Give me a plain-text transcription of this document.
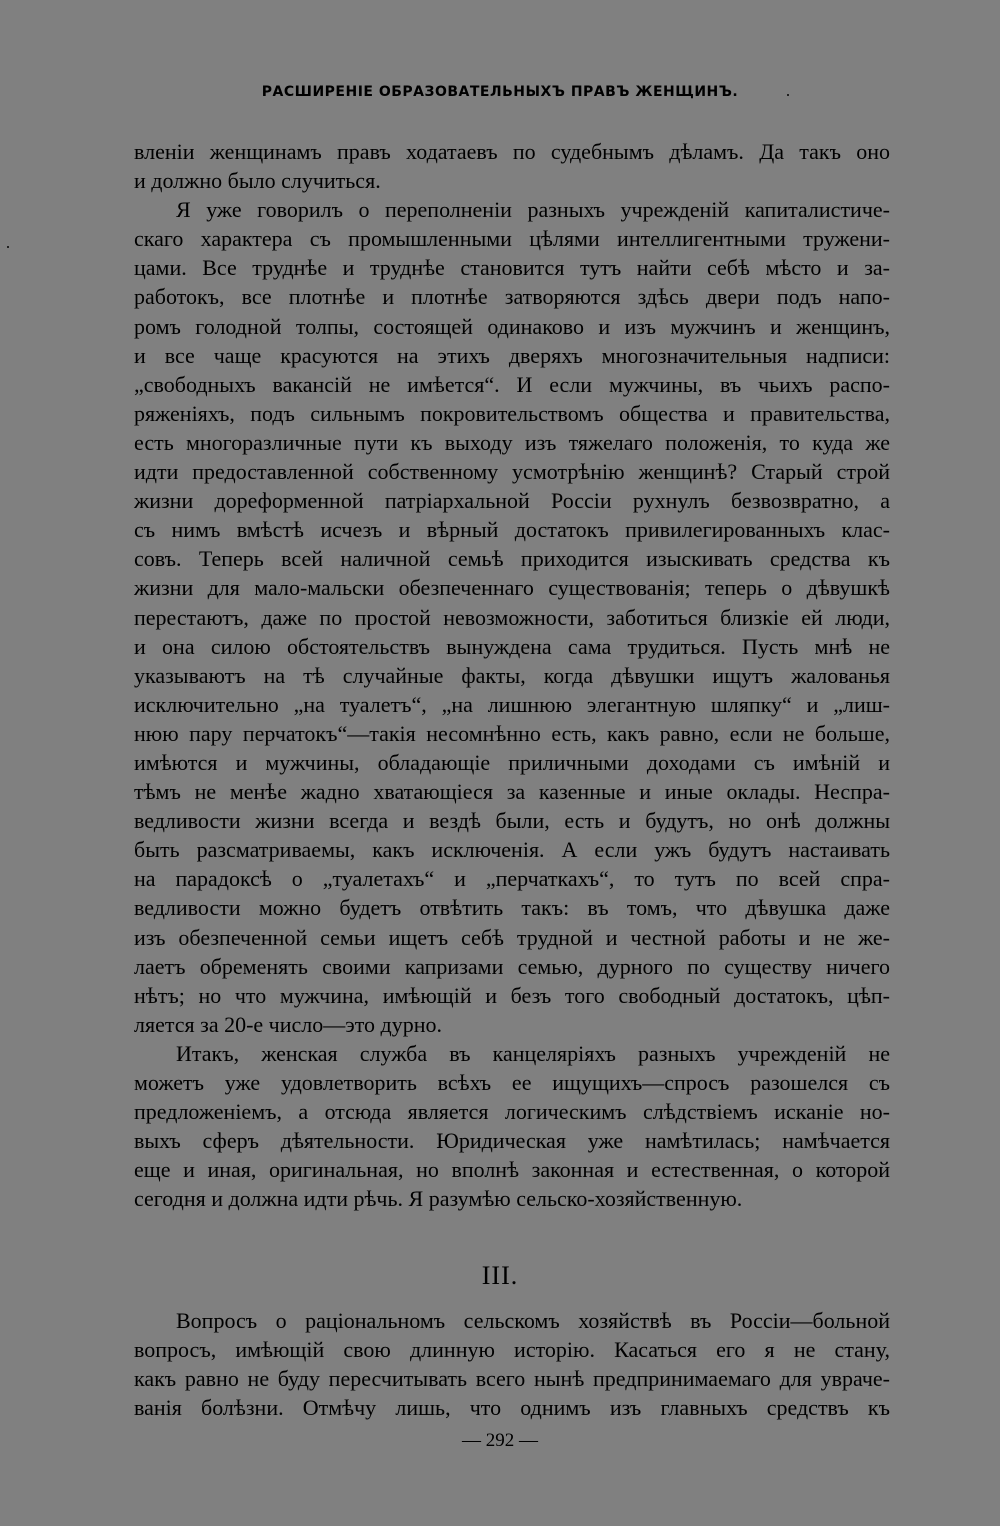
РАСШИРЕНІЕ ОБРАЗОВАТЕЛЬНЫХЪ ПРАВЪ ЖЕНЩИНЪ.
вленіи женщинамъ правъ ходатаевъ по судебнымъ дѣламъ. Да такъ оно
и должно было случиться.
Я уже говорилъ о переполненіи разныхъ учрежденій капиталистиче-
скаго характера съ промышленными цѣлями интеллигентными тружени-
цами. Все труднѣе и труднѣе становится тутъ найти себѣ мѣсто и за-
работокъ, все плотнѣе и плотнѣе затворяются здѣсь двери подъ напо-
ромъ голодной толпы, состоящей одинаково и изъ мужчинъ и женщинъ,
и все чаще красуются на этихъ дверяхъ многозначительныя надписи:
„свободныхъ вакансій не имѣется“. И если мужчины, въ чьихъ распо-
ряженіяхъ, подъ сильнымъ покровительствомъ общества и правительства,
есть многоразличные пути къ выходу изъ тяжелаго положенія, то куда же
идти предоставленной собственному усмотрѣнію женщинѣ? Старый строй
жизни дореформенной патріархальной Россіи рухнулъ безвозвратно, а
съ нимъ вмѣстѣ исчезъ и вѣрный достатокъ привилегированныхъ клас-
совъ. Теперь всей наличной семьѣ приходится изыскивать средства къ
жизни для мало-мальски обезпеченнаго существованія; теперь о дѣвушкѣ
перестаютъ, даже по простой невозможности, заботиться близкіе ей люди,
и она силою обстоятельствъ вынуждена сама трудиться. Пусть мнѣ не
указываютъ на тѣ случайные факты, когда дѣвушки ищутъ жалованья
исключительно „на туалетъ“, „на лишнюю элегантную шляпку“ и „лиш-
нюю пару перчатокъ“—такія несомнѣнно есть, какъ равно, если не больше,
имѣются и мужчины, обладающіе приличными доходами съ имѣній и
тѣмъ не менѣе жадно хватающіеся за казенные и иные оклады. Неспра-
ведливости жизни всегда и вездѣ были, есть и будутъ, но онѣ должны
быть разсматриваемы, какъ исключенія. А если ужъ будутъ настаивать
на парадоксѣ о „туалетахъ“ и „перчаткахъ“, то тутъ по всей спра-
ведливости можно будетъ отвѣтить такъ: въ томъ, что дѣвушка даже
изъ обезпеченной семьи ищетъ себѣ трудной и честной работы и не же-
лаетъ обременять своими капризами семью, дурного по существу ничего
нѣтъ; но что мужчина, имѣющій и безъ того свободный достатокъ, цѣп-
ляется за 20-е число—это дурно.
Итакъ, женская служба въ канцеляріяхъ разныхъ учрежденій не
можетъ уже удовлетворить всѣхъ ее ищущихъ—спросъ разошелся съ
предложеніемъ, а отсюда является логическимъ слѣдствіемъ исканіе но-
выхъ сферъ дѣятельности. Юридическая уже намѣтилась; намѣчается
еще и иная, оригинальная, но вполнѣ законная и естественная, о которой
сегодня и должна идти рѣчь. Я разумѣю сельско-хозяйственную.
III.
Вопросъ о раціональномъ сельскомъ хозяйствѣ въ Россіи—больной
вопросъ, имѣющій свою длинную исторію. Касаться его я не стану,
какъ равно не буду пересчитывать всего нынѣ предпринимаемаго для уврачe-
ванія болѣзни. Отмѣчу лишь, что однимъ изъ главныхъ средствъ къ
— 292 —
